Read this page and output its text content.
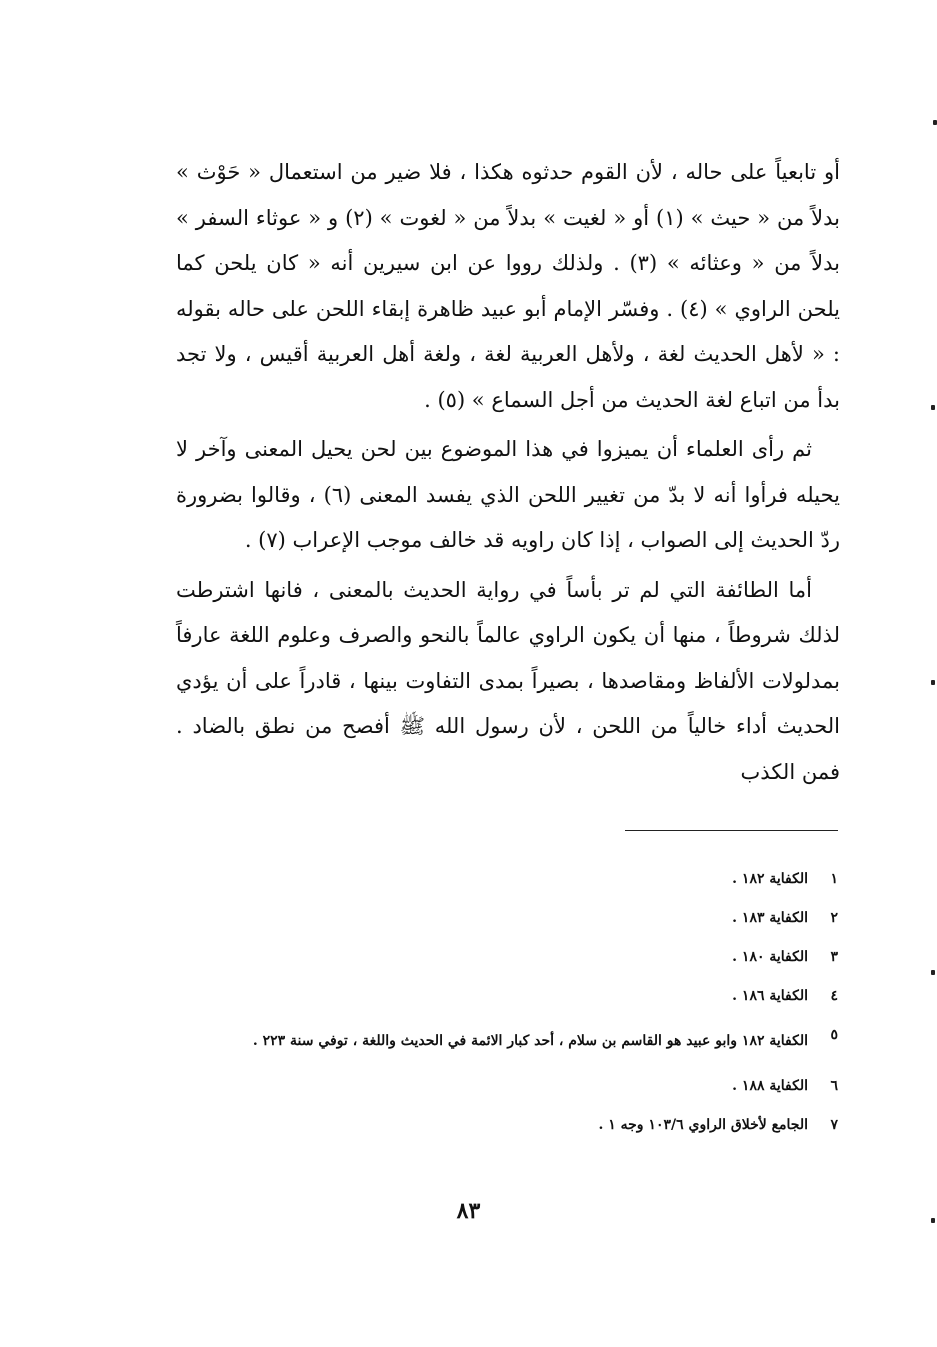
أو تابعياً على حاله ، لأن القوم حدثوه هكذا ، فلا ضير من استعمال « حَوْث » بدلاً من « حيث » (١) أو « لغيت » بدلاً من « لغوت » (٢) و « عوثاء السفر » بدلاً من « وعثائه » (٣) . ولذلك رووا عن ابن سيرين أنه « كان يلحن كما يلحن الراوي » (٤) . وفسّر الإمام أبو عبيد ظاهرة إبقاء اللحن على حاله بقوله : « لأهل الحديث لغة ، ولأهل العربية لغة ، ولغة أهل العربية أقيس ، ولا تجد بدأ من اتباع لغة الحديث من أجل السماع » (٥) .

ثم رأى العلماء أن يميزوا في هذا الموضوع بين لحن يحيل المعنى وآخر لا يحيله فرأوا أنه لا بدّ من تغيير اللحن الذي يفسد المعنى (٦) ، وقالوا بضرورة ردّ الحديث إلى الصواب ، إذا كان راويه قد خالف موجب الإعراب (٧) .

أما الطائفة التي لم تر بأساً في رواية الحديث بالمعنى ، فانها اشترطت لذلك شروطاً ، منها أن يكون الراوي عالماً بالنحو والصرف وعلوم اللغة عارفاً بمدلولات الألفاظ ومقاصدها ، بصيراً بمدى التفاوت بينها ، قادراً على أن يؤدي الحديث أداء خالياً من اللحن ، لأن رسول الله ﷺ أفصح من نطق بالضاد . فمن الكذب

١
الكفاية ١٨٢ .
٢
الكفاية ١٨٣ .
٣
الكفاية ١٨٠ .
٤
الكفاية ١٨٦ .
٥
الكفاية ١٨٢ وابو عبيد هو القاسم بن سلام ، أحد كبار الائمة في الحديث واللغة ، توفي سنة ٢٢٣ .
٦
الكفاية ١٨٨ .
٧
الجامع لأخلاق الراوي ١٠٣/٦ وجه ١ .
٨٣
